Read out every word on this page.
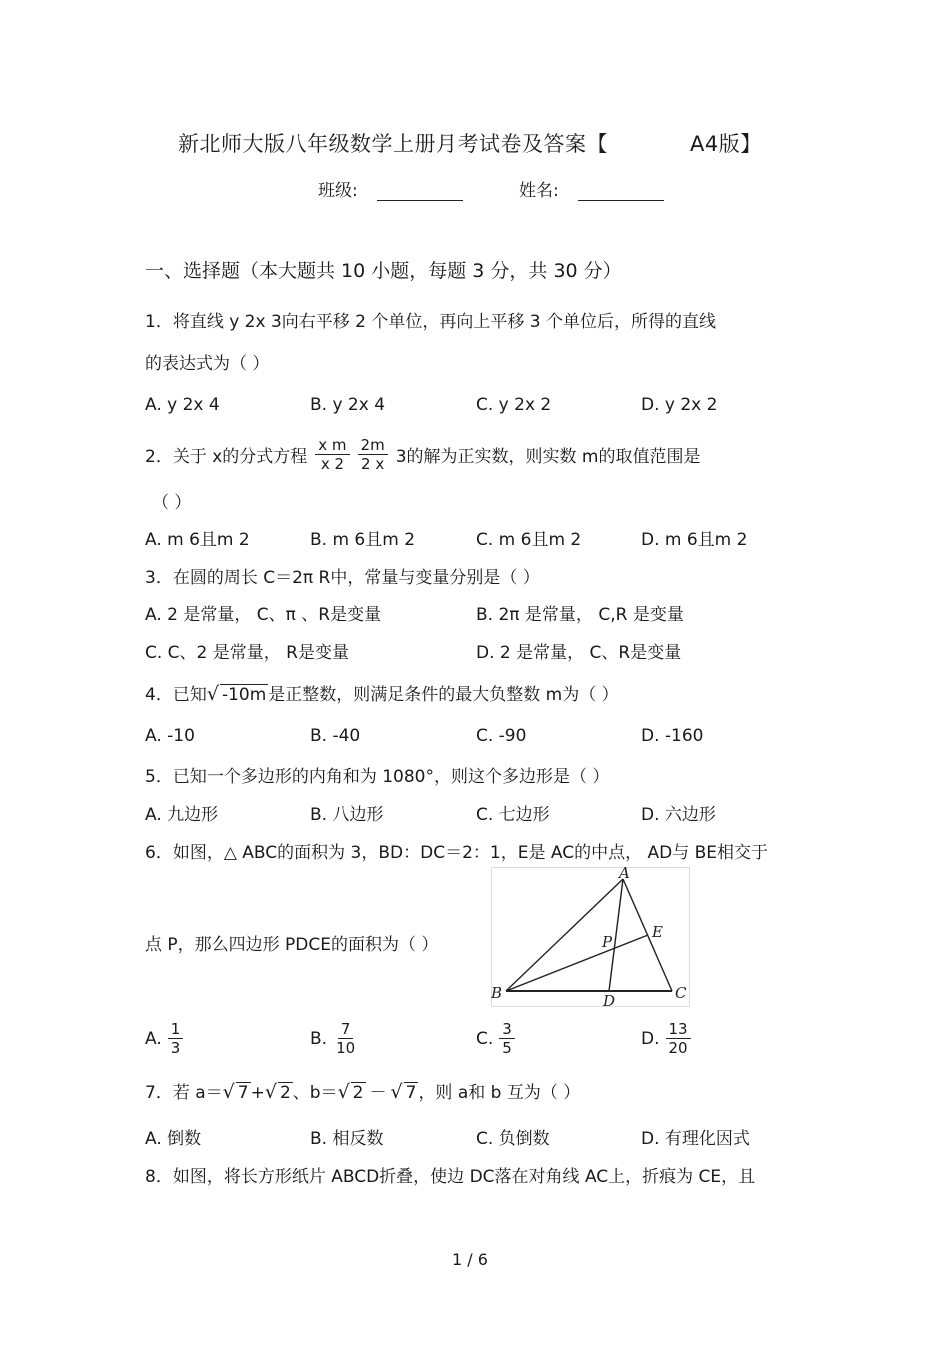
新北师大版八年级数学上册月考试卷及答案【	A4版】
班级:	姓名:
一、选择题（本大题共 10 小题，每题 3 分，共 30 分）
1．将直线 y 2x 3向右平移 2 个单位，再向上平移 3 个单位后，所得的直线
的表达式为（ ）
A. y 2x 4	B. y 2x 4	C. y 2x 2	D. y 2x 2
2．关于 x的分式方程 $\frac{\text{x m}}{x 2} \frac{2m}{2 x} 3$的解为正实数，则实数 m的取值范围是
（ ）
A. m 6且m 2	B. m 6且m 2	C. m 6且m 2	D. m 6且m 2
3．在圆的周长 C＝2π R中，常量与变量分别是（ ）
A. 2 是常量， C、π 、R是变量	B. 2π 是常量， C,R 是变量
C. C、2 是常量， R是变量	D. 2 是常量， C、R是变量
4．已知√ -10m 是正整数，则满足条件的最大负整数 m为（ ）
A. -10	B. -40	C. -90	D. -160
5．已知一个多边形的内角和为 1080°，则这个多边形是（ ）
A. 九边形	B. 八边形	C. 七边形	D. 六边形
6．如图，△ ABC的面积为 3，BD：DC＝2：1，E是 AC的中点， AD与 BE相交于
点 P，那么四边形 PDCE的面积为（ ）
A
B	C
D
E
P
A. $\frac{1}{3}$	B. $\frac{7}{10}$	C. $\frac{3}{5}$	D. $\frac{13}{20}$
7．若 a＝√ 7 +√ 2 、b＝√ 2 － √ 7 ，则 a和 b 互为（ ）
A. 倒数	B. 相反数	C. 负倒数	D. 有理化因式
8．如图，将长方形纸片 ABCD折叠，使边 DC落在对角线 AC上，折痕为 CE，且
1 / 6
